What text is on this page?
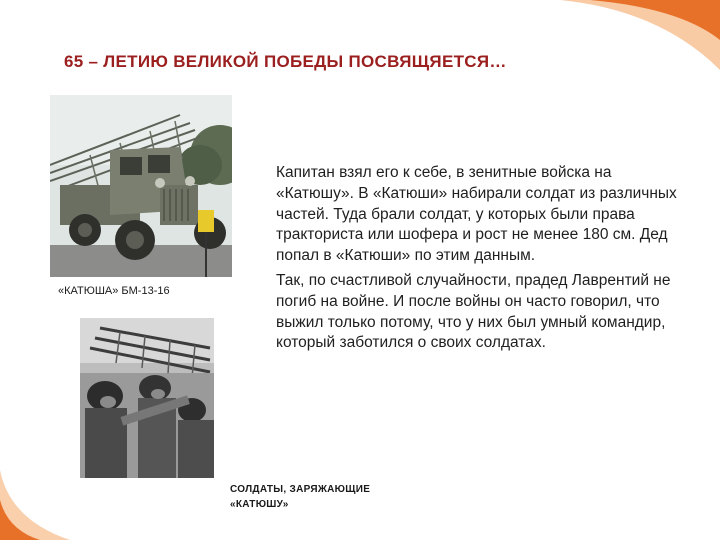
65 – ЛЕТИЮ ВЕЛИКОЙ ПОБЕДЫ ПОСВЯЩЯЕТСЯ…
«КАТЮША» БМ-13-16
СОЛДАТЫ, ЗАРЯЖАЮЩИЕ «КАТЮШУ»

Капитан взял его к себе, в зенитные войска на «Катюшу». В «Катюши» набирали солдат из различных частей. Туда брали солдат, у которых были права тракториста или шофера и рост не менее 180 см. Дед попал в «Катюши» по этим данным.

Так, по счастливой случайности, прадед Лаврентий не погиб на войне. И после войны он часто говорил, что выжил только потому, что у них был умный командир, который заботился о своих солдатах.
